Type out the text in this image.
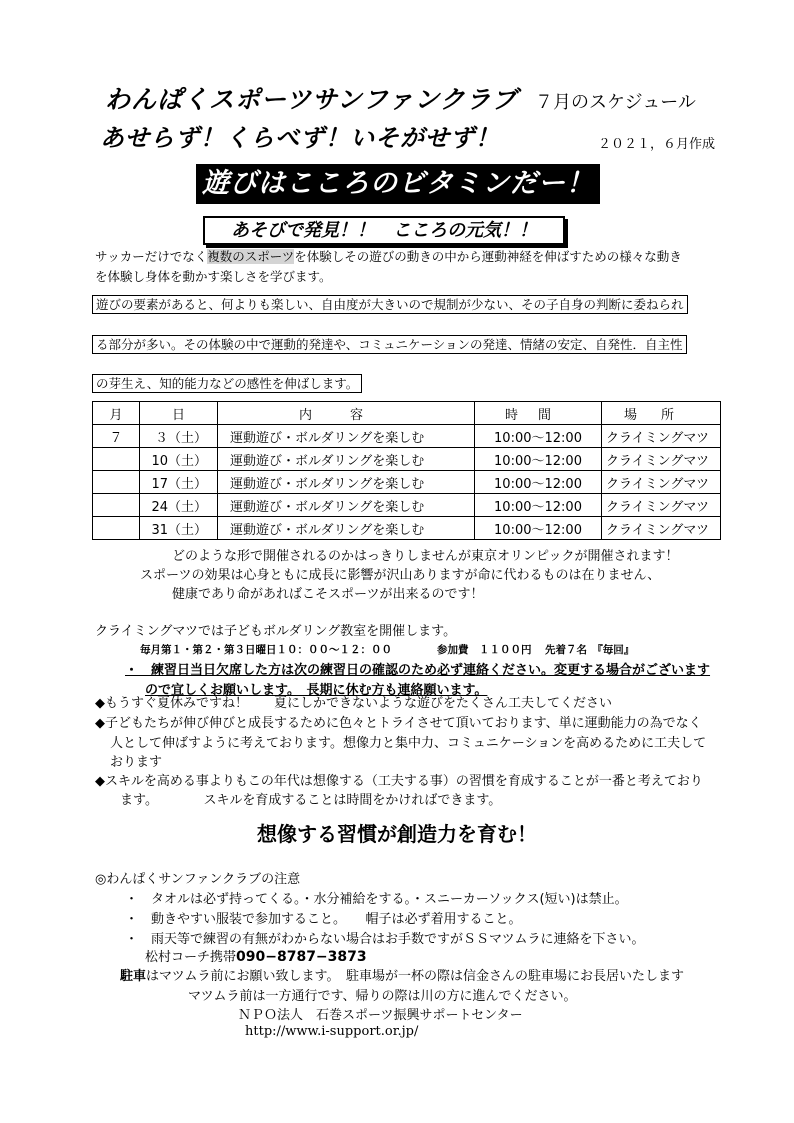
わんぱくスポーツサンファンクラブ ７月のスケジュール
あせらず！くらべず！いそがせず！	２０２１，６月作成
遊びはこころのビタミンだー！
あそびで発見！！　こころの元気！！
サッカーだけでなく複数のスポーツを体験しその遊びの動きの中から運動神経を伸ばすための様々な動き
を体験し身体を動かす楽しさを学びます。
遊びの要素があると、何よりも楽しい、自由度が大きいので規制が少ない、その子自身の判断に委ねられ
る部分が多い。その体験の中で運動的発達や、コミュニケーションの発達、情緒の安定、自発性．自主性
の芽生え、知的能力などの感性を伸ばします。
月	日	内容	時間	場所
７	３（土）	運動遊び・ボルダリングを楽しむ	10:00～12:00	クライミングマツ
	10（土）	運動遊び・ボルダリングを楽しむ	10:00～12:00	クライミングマツ
	17（土）	運動遊び・ボルダリングを楽しむ	10:00～12:00	クライミングマツ
	24（土）	運動遊び・ボルダリングを楽しむ	10:00～12:00	クライミングマツ
	31（土）	運動遊び・ボルダリングを楽しむ	10:00～12:00	クライミングマツ
どのような形で開催されるのかはっきりしませんが東京オリンピックが開催されます！
スポーツの効果は心身ともに成長に影響が沢山ありますが命に代わるものは在りません、
健康であり命があればこそスポーツが出来るのです！
クライミングマツでは子どもボルダリング教室を開催します。
毎月第１・第２・第３日曜日１０：００～１２：００	参加費　１１００円 先着７名　『毎回』
・　練習日当日欠席した方は次の練習日の確認のため必ず連絡ください。変更する場合がございます
ので宜しくお願いします。　長期に休む方も連絡願います。
◆もうすぐ夏休みですね！　　夏にしかできないような遊びをたくさん工夫してください
◆子どもたちが伸び伸びと成長するために色々とトライさせて頂いております、単に運動能力の為でなく
人として伸ばすように考えております。想像力と集中力、コミュニケーションを高めるために工夫して
おります
◆スキルを高める事よりもこの年代は想像する（工夫する事）の習慣を育成することが一番と考えており
ます。　　　　スキルを育成することは時間をかければできます。
想像する習慣が創造力を育む！
◎わんぱくサンファンクラブの注意
・　タオルは必ず持ってくる。・水分補給をする。・スニーカーソックス(短い)は禁止。
・　動きやすい服装で参加すること。　　帽子は必ず着用すること。
・　雨天等で練習の有無がわからない場合はお手数ですがＳＳマツムラに連絡を下さい。
松村コーチ携帯090−8787−3873
駐車はマツムラ前にお願い致します。　駐車場が一杯の際は信金さんの駐車場にお長居いたします
マツムラ前は一方通行です、帰りの際は川の方に進んでください。
ＮＰＯ法人　石巻スポーツ振興サポートセンター
http://www.i-support.or.jp/
